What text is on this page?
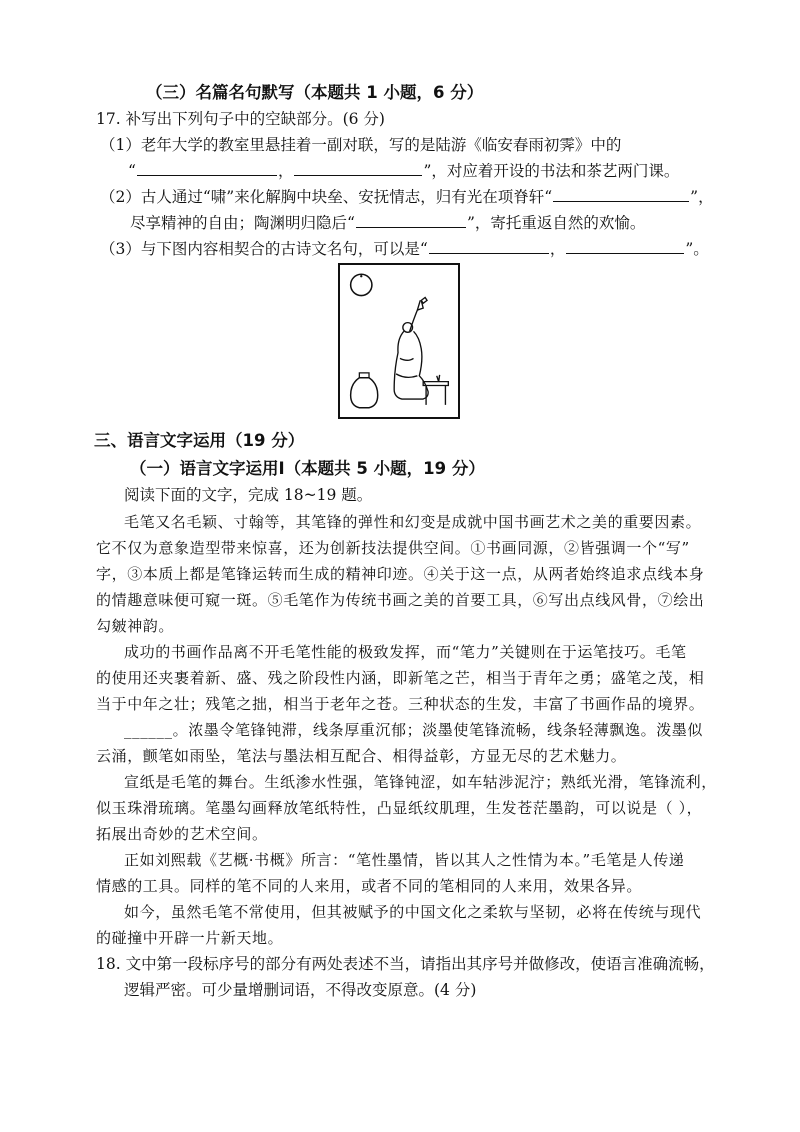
（三）名篇名句默写（本题共 1 小题，6 分）
17. 补写出下列句子中的空缺部分。(6 分)
（1）老年大学的教室里悬挂着一副对联，写的是陆游《临安春雨初霁》中的
“	，	”，对应着开设的书法和茶艺两门课。
（2）古人通过“啸”来化解胸中块垒、安抚情志，归有光在项脊轩“	”，
尽享精神的自由；陶渊明归隐后“	”，寄托重返自然的欢愉。
（3）与下图内容相契合的古诗文名句，可以是“	，	”。
三、语言文字运用（19 分）
（一）语言文字运用Ⅰ（本题共 5 小题，19 分）
阅读下面的文字，完成 18~19 题。
毛笔又名毛颖、寸翰等，其笔锋的弹性和幻变是成就中国书画艺术之美的重要因素。
它不仅为意象造型带来惊喜，还为创新技法提供空间。①书画同源，②皆强调一个“写”
字，③本质上都是笔锋运转而生成的精神印迹。④关于这一点，从两者始终追求点线本身
的情趣意味便可窥一斑。⑤毛笔作为传统书画之美的首要工具，⑥写出点线风骨，⑦绘出
勾皴神韵。
成功的书画作品离不开毛笔性能的极致发挥，而“笔力”关键则在于运笔技巧。毛笔
的使用还夹裹着新、盛、残之阶段性内涵，即新笔之芒，相当于青年之勇；盛笔之茂，相
当于中年之壮；残笔之拙，相当于老年之苍。三种状态的生发，丰富了书画作品的境界。
______。浓墨令笔锋钝滞，线条厚重沉郁；淡墨使笔锋流畅，线条轻薄飘逸。泼墨似
云涌，颤笔如雨坠，笔法与墨法相互配合、相得益彰，方显无尽的艺术魅力。
宣纸是毛笔的舞台。生纸渗水性强，笔锋钝涩，如车轱涉泥泞；熟纸光滑，笔锋流利，
似玉珠滑琉璃。笔墨勾画释放笔纸特性，凸显纸纹肌理，生发苍茫墨韵，可以说是（ ），
拓展出奇妙的艺术空间。
正如刘熙载《艺概·书概》所言：“笔性墨情，皆以其人之性情为本。”毛笔是人传递
情感的工具。同样的笔不同的人来用，或者不同的笔相同的人来用，效果各异。
如今，虽然毛笔不常使用，但其被赋予的中国文化之柔软与坚韧，必将在传统与现代
的碰撞中开辟一片新天地。
18. 文中第一段标序号的部分有两处表述不当，请指出其序号并做修改，使语言准确流畅，
逻辑严密。可少量增删词语，不得改变原意。(4 分)
